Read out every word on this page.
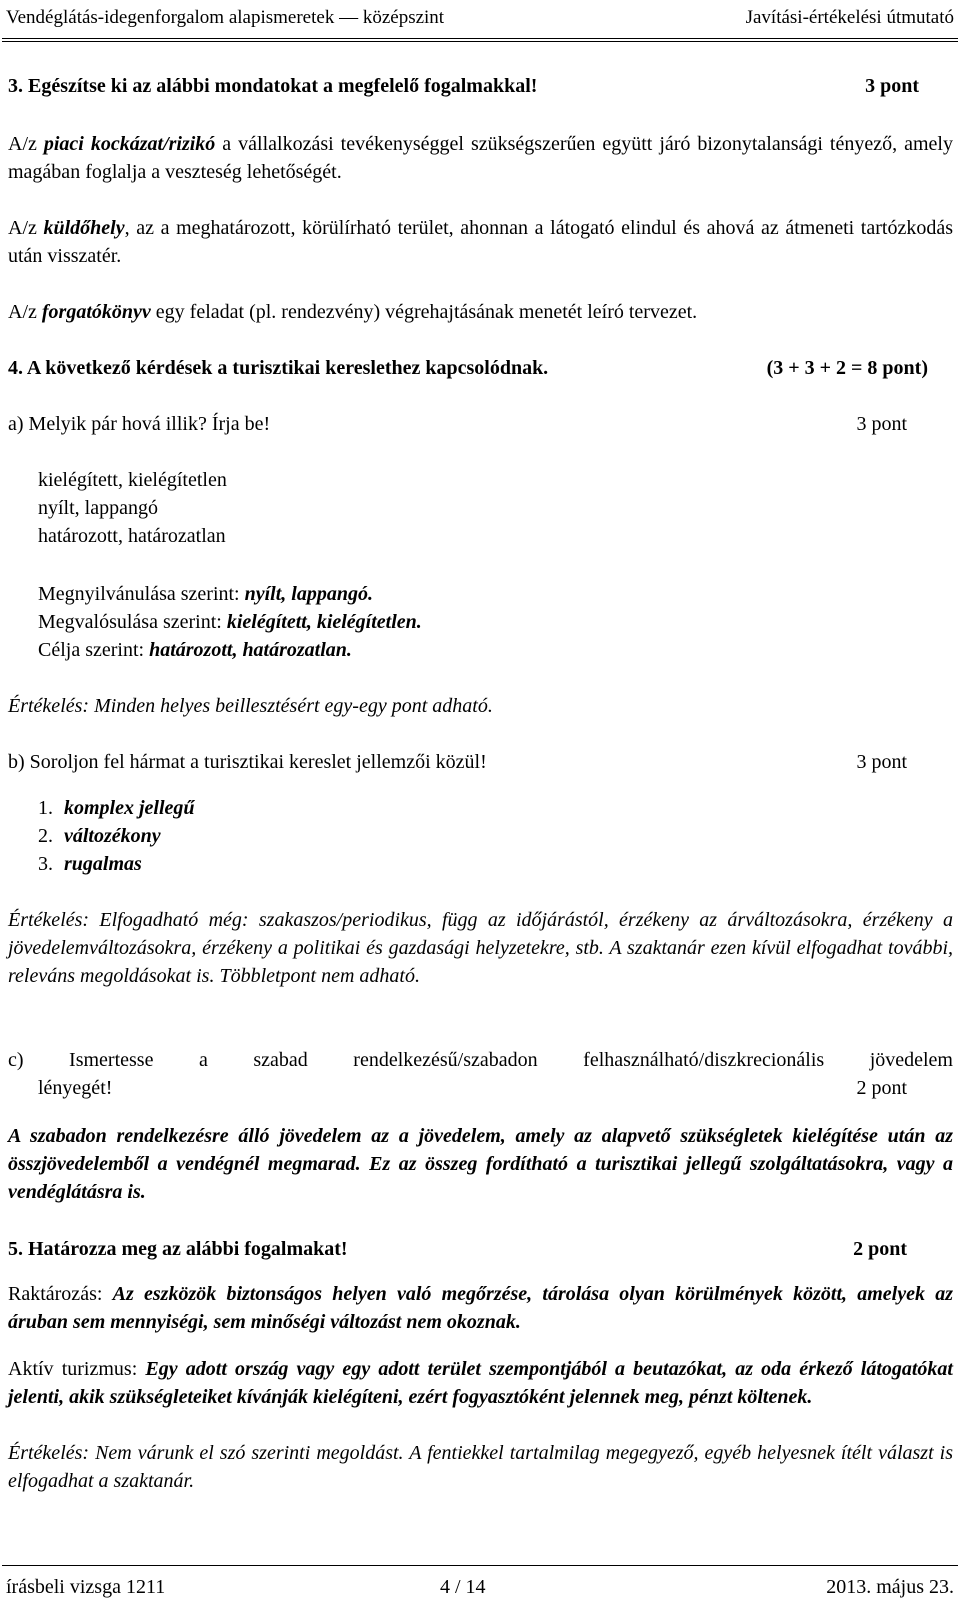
Vendéglátás-idegenforgalom alapismeretek — középszint	Javítási-értékelési útmutató
3. Egészítse ki az alábbi mondatokat a megfelelő fogalmakkal!	3 pont
A/z piaci kockázat/rizikó a vállalkozási tevékenységgel szükségszerűen együtt járó bizonytalansági tényező, amely magában foglalja a veszteség lehetőségét.
A/z küldőhely, az a meghatározott, körülírható terület, ahonnan a látogató elindul és ahová az átmeneti tartózkodás után visszatér.
A/z forgatókönyv egy feladat (pl. rendezvény) végrehajtásának menetét leíró tervezet.
4. A következő kérdések a turisztikai kereslethez kapcsolódnak.	(3 + 3 + 2 = 8 pont)
a) Melyik pár hová illik? Írja be!	3 pont
kielégített, kielégítetlen
nyílt, lappangó
határozott, határozatlan
Megnyilvánulása szerint: nyílt, lappangó.
Megvalósulása szerint: kielégített, kielégítetlen.
Célja szerint: határozott, határozatlan.
Értékelés: Minden helyes beillesztésért egy-egy pont adható.
b) Soroljon fel hármat a turisztikai kereslet jellemzői közül!	3 pont
1. komplex jellegű
2. változékony
3. rugalmas
Értékelés: Elfogadható még: szakaszos/periodikus, függ az időjárástól, érzékeny az árváltozásokra, érzékeny a jövedelemváltozásokra, érzékeny a politikai és gazdasági helyzetekre, stb. A szaktanár ezen kívül elfogadhat további, releváns megoldásokat is. Többletpont nem adható.
c) Ismertesse a szabad rendelkezésű/szabadon felhasználható/diszkrecionális jövedelem
lényegét!	2 pont
A szabadon rendelkezésre álló jövedelem az a jövedelem, amely az alapvető szükségletek kielégítése után az összjövedelemből a vendégnél megmarad. Ez az összeg fordítható a turisztikai jellegű szolgáltatásokra, vagy a vendéglátásra is.
5. Határozza meg az alábbi fogalmakat!	2 pont
Raktározás: Az eszközök biztonságos helyen való megőrzése, tárolása olyan körülmények között, amelyek az áruban sem mennyiségi, sem minőségi változást nem okoznak.
Aktív turizmus: Egy adott ország vagy egy adott terület szempontjából a beutazókat, az oda érkező látogatókat jelenti, akik szükségleteiket kívánják kielégíteni, ezért fogyasztóként jelennek meg, pénzt költenek.
Értékelés: Nem várunk el szó szerinti megoldást. A fentiekkel tartalmilag megegyező, egyéb helyesnek ítélt választ is elfogadhat a szaktanár.
írásbeli vizsga 1211	4 / 14	2013. május 23.
